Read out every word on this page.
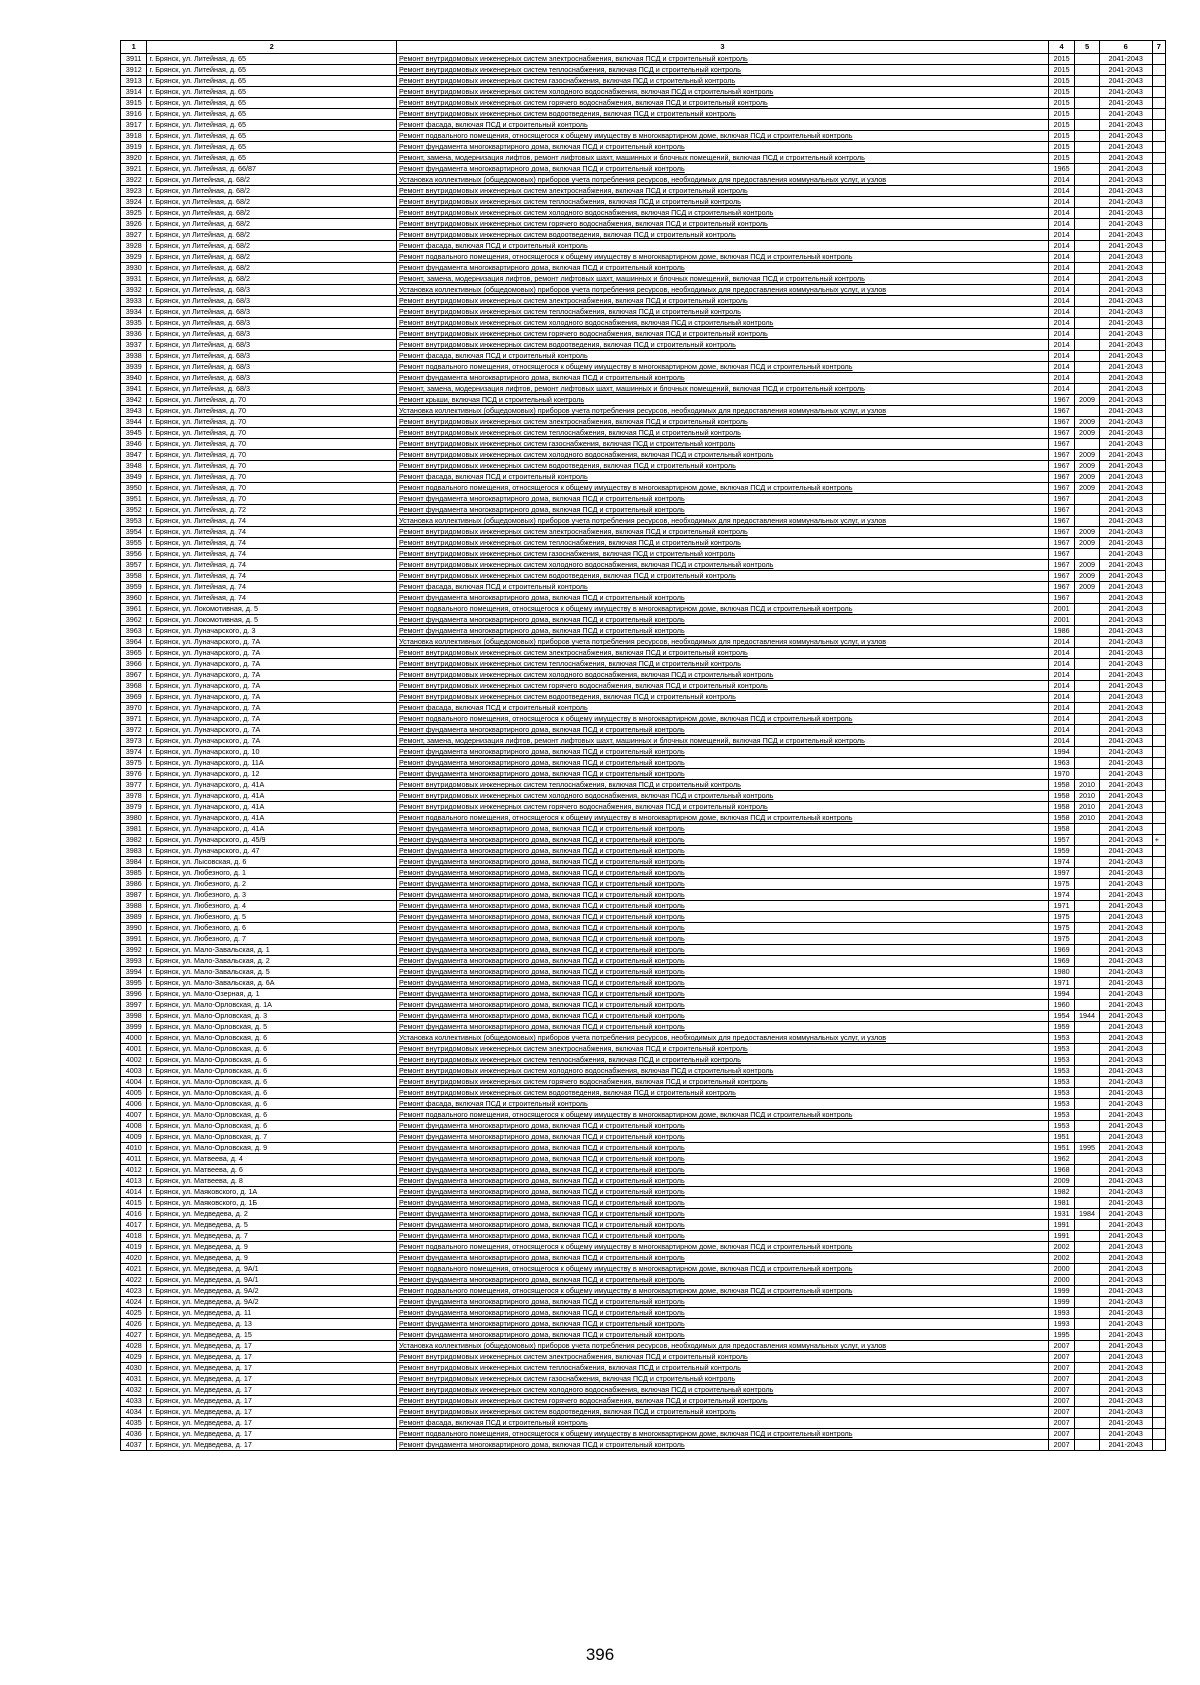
1	2	3	4	5	6	7
3911	г. Брянск, ул. Литейная, д. 65	Ремонт внутридомовых инженерных систем электроснабжения, включая ПСД и строительный контроль	2015		2041-2043	
3912	г. Брянск, ул. Литейная, д. 65	Ремонт внутридомовых инженерных систем теплоснабжения, включая ПСД и строительный контроль	2015		2041-2043	
3913	г. Брянск, ул. Литейная, д. 65	Ремонт внутридомовых инженерных систем газоснабжения, включая ПСД и строительный контроль	2015		2041-2043	
3914	г. Брянск, ул. Литейная, д. 65	Ремонт внутридомовых инженерных систем холодного водоснабжения, включая ПСД и строительный контроль	2015		2041-2043	
3915	г. Брянск, ул. Литейная, д. 65	Ремонт внутридомовых инженерных систем горячего водоснабжения, включая ПСД и строительный контроль	2015		2041-2043	
3916	г. Брянск, ул. Литейная, д. 65	Ремонт внутридомовых инженерных систем водоотведения, включая ПСД и строительный контроль	2015		2041-2043	
3917	г. Брянск, ул. Литейная, д. 65	Ремонт фасада, включая ПСД и строительный контроль	2015		2041-2043	
3918	г. Брянск, ул. Литейная, д. 65	Ремонт подвального помещения, относящегося к общему имуществу в многоквартирном доме, включая ПСД и строительный контроль	2015		2041-2043	
3919	г. Брянск, ул. Литейная, д. 65	Ремонт фундамента многоквартирного дома, включая ПСД и строительный контроль	2015		2041-2043	
3920	г. Брянск, ул. Литейная, д. 65	Ремонт, замена, модернизация лифтов, ремонт лифтовых шахт, машинных и блочных помещений, включая ПСД и строительный контроль	2015		2041-2043	
3921	г. Брянск, ул. Литейная, д. 66/87	Ремонт фундамента многоквартирного дома, включая ПСД и строительный контроль	1965		2041-2043	
3922	г. Брянск, ул Литейная, д. 68/2	Установка коллективных (общедомовых) приборов учета потребления ресурсов, необходимых для предоставления коммунальных услуг, и узлов	2014		2041-2043	
3923	г. Брянск, ул Литейная, д. 68/2	Ремонт внутридомовых инженерных систем электроснабжения, включая ПСД и строительный контроль	2014		2041-2043	
3924	г. Брянск, ул Литейная, д. 68/2	Ремонт внутридомовых инженерных систем теплоснабжения, включая ПСД и строительный контроль	2014		2041-2043	
3925	г. Брянск, ул Литейная, д. 68/2	Ремонт внутридомовых инженерных систем холодного водоснабжения, включая ПСД и строительный контроль	2014		2041-2043	
3926	г. Брянск, ул Литейная, д. 68/2	Ремонт внутридомовых инженерных систем горячего водоснабжения, включая ПСД и строительный контроль	2014		2041-2043	
3927	г. Брянск, ул Литейная, д. 68/2	Ремонт внутридомовых инженерных систем водоотведения, включая ПСД и строительный контроль	2014		2041-2043	
3928	г. Брянск, ул Литейная, д. 68/2	Ремонт фасада, включая ПСД и строительный контроль	2014		2041-2043	
3929	г. Брянск, ул Литейная, д. 68/2	Ремонт подвального помещения, относящегося к общему имуществу в многоквартирном доме, включая ПСД и строительный контроль	2014		2041-2043	
3930	г. Брянск, ул Литейная, д. 68/2	Ремонт фундамента многоквартирного дома, включая ПСД и строительный контроль	2014		2041-2043	
3931	г. Брянск, ул Литейная, д. 68/2	Ремонт, замена, модернизация лифтов, ремонт лифтовых шахт, машинных и блочных помещений, включая ПСД и строительный контроль	2014		2041-2043	
3932	г. Брянск, ул Литейная, д. 68/3	Установка коллективных (общедомовых) приборов учета потребления ресурсов, необходимых для предоставления коммунальных услуг, и узлов	2014		2041-2043	
3933	г. Брянск, ул Литейная, д. 68/3	Ремонт внутридомовых инженерных систем электроснабжения, включая ПСД и строительный контроль	2014		2041-2043	
3934	г. Брянск, ул Литейная, д. 68/3	Ремонт внутридомовых инженерных систем теплоснабжения, включая ПСД и строительный контроль	2014		2041-2043	
3935	г. Брянск, ул Литейная, д. 68/3	Ремонт внутридомовых инженерных систем холодного водоснабжения, включая ПСД и строительный контроль	2014		2041-2043	
3936	г. Брянск, ул Литейная, д. 68/3	Ремонт внутридомовых инженерных систем горячего водоснабжения, включая ПСД и строительный контроль	2014		2041-2043	
3937	г. Брянск, ул Литейная, д. 68/3	Ремонт внутридомовых инженерных систем водоотведения, включая ПСД и строительный контроль	2014		2041-2043	
3938	г. Брянск, ул Литейная, д. 68/3	Ремонт фасада, включая ПСД и строительный контроль	2014		2041-2043	
3939	г. Брянск, ул Литейная, д. 68/3	Ремонт подвального помещения, относящегося к общему имуществу в многоквартирном доме, включая ПСД и строительный контроль	2014		2041-2043	
3940	г. Брянск, ул Литейная, д. 68/3	Ремонт фундамента многоквартирного дома, включая ПСД и строительный контроль	2014		2041-2043	
3941	г. Брянск, ул Литейная, д. 68/3	Ремонт, замена, модернизация лифтов, ремонт лифтовых шахт, машинных и блочных помещений, включая ПСД и строительный контроль	2014		2041-2043	
3942	г. Брянск, ул. Литейная, д. 70	Ремонт крыши, включая ПСД и строительный контроль	1967	2009	2041-2043	
3943	г. Брянск, ул. Литейная, д. 70	Установка коллективных (общедомовых) приборов учета потребления ресурсов, необходимых для предоставления коммунальных услуг, и узлов	1967		2041-2043	
3944	г. Брянск, ул. Литейная, д. 70	Ремонт внутридомовых инженерных систем электроснабжения, включая ПСД и строительный контроль	1967	2009	2041-2043	
3945	г. Брянск, ул. Литейная, д. 70	Ремонт внутридомовых инженерных систем теплоснабжения, включая ПСД и строительный контроль	1967	2009	2041-2043	
3946	г. Брянск, ул. Литейная, д. 70	Ремонт внутридомовых инженерных систем газоснабжения, включая ПСД и строительный контроль	1967		2041-2043	
3947	г. Брянск, ул. Литейная, д. 70	Ремонт внутридомовых инженерных систем холодного водоснабжения, включая ПСД и строительный контроль	1967	2009	2041-2043	
3948	г. Брянск, ул. Литейная, д. 70	Ремонт внутридомовых инженерных систем водоотведения, включая ПСД и строительный контроль	1967	2009	2041-2043	
3949	г. Брянск, ул. Литейная, д. 70	Ремонт фасада, включая ПСД и строительный контроль	1967	2009	2041-2043	
3950	г. Брянск, ул. Литейная, д. 70	Ремонт подвального помещения, относящегося к общему имуществу в многоквартирном доме, включая ПСД и строительный контроль	1967	2009	2041-2043	
3951	г. Брянск, ул. Литейная, д. 70	Ремонт фундамента многоквартирного дома, включая ПСД и строительный контроль	1967		2041-2043	
3952	г. Брянск, ул. Литейная, д. 72	Ремонт фундамента многоквартирного дома, включая ПСД и строительный контроль	1967		2041-2043	
3953	г. Брянск, ул. Литейная, д. 74	Установка коллективных (общедомовых) приборов учета потребления ресурсов, необходимых для предоставления коммунальных услуг, и узлов	1967		2041-2043	
3954	г. Брянск, ул. Литейная, д. 74	Ремонт внутридомовых инженерных систем электроснабжения, включая ПСД и строительный контроль	1967	2009	2041-2043	
3955	г. Брянск, ул. Литейная, д. 74	Ремонт внутридомовых инженерных систем теплоснабжения, включая ПСД и строительный контроль	1967	2009	2041-2043	
3956	г. Брянск, ул. Литейная, д. 74	Ремонт внутридомовых инженерных систем газоснабжения, включая ПСД и строительный контроль	1967		2041-2043	
3957	г. Брянск, ул. Литейная, д. 74	Ремонт внутридомовых инженерных систем холодного водоснабжения, включая ПСД и строительный контроль	1967	2009	2041-2043	
3958	г. Брянск, ул. Литейная, д. 74	Ремонт внутридомовых инженерных систем водоотведения, включая ПСД и строительный контроль	1967	2009	2041-2043	
3959	г. Брянск, ул. Литейная, д. 74	Ремонт фасада, включая ПСД и строительный контроль	1967	2009	2041-2043	
3960	г. Брянск, ул. Литейная, д. 74	Ремонт фундамента многоквартирного дома, включая ПСД и строительный контроль	1967		2041-2043	
3961	г. Брянск, ул. Локомотивная, д. 5	Ремонт подвального помещения, относящегося к общему имуществу в многоквартирном доме, включая ПСД и строительный контроль	2001		2041-2043	
3962	г. Брянск, ул. Локомотивная, д. 5	Ремонт фундамента многоквартирного дома, включая ПСД и строительный контроль	2001		2041-2043	
3963	г. Брянск, ул. Луначарского, д. 3	Ремонт фундамента многоквартирного дома, включая ПСД и строительный контроль	1986		2041-2043	
3964	г. Брянск, ул. Луначарского, д. 7А	Установка коллективных (общедомовых) приборов учета потребления ресурсов, необходимых для предоставления коммунальных услуг, и узлов	2014		2041-2043	
3965	г. Брянск, ул. Луначарского, д. 7А	Ремонт внутридомовых инженерных систем электроснабжения, включая ПСД и строительный контроль	2014		2041-2043	
3966	г. Брянск, ул. Луначарского, д. 7А	Ремонт внутридомовых инженерных систем теплоснабжения, включая ПСД и строительный контроль	2014		2041-2043	
3967	г. Брянск, ул. Луначарского, д. 7А	Ремонт внутридомовых инженерных систем холодного водоснабжения, включая ПСД и строительный контроль	2014		2041-2043	
3968	г. Брянск, ул. Луначарского, д. 7А	Ремонт внутридомовых инженерных систем горячего водоснабжения, включая ПСД и строительный контроль	2014		2041-2043	
3969	г. Брянск, ул. Луначарского, д. 7А	Ремонт внутридомовых инженерных систем водоотведения, включая ПСД и строительный контроль	2014		2041-2043	
3970	г. Брянск, ул. Луначарского, д. 7А	Ремонт фасада, включая ПСД и строительный контроль	2014		2041-2043	
3971	г. Брянск, ул. Луначарского, д. 7А	Ремонт подвального помещения, относящегося к общему имуществу в многоквартирном доме, включая ПСД и строительный контроль	2014		2041-2043	
3972	г. Брянск, ул. Луначарского, д. 7А	Ремонт фундамента многоквартирного дома, включая ПСД и строительный контроль	2014		2041-2043	
3973	г. Брянск, ул. Луначарского, д. 7А	Ремонт, замена, модернизация лифтов, ремонт лифтовых шахт, машинных и блочных помещений, включая ПСД и строительный контроль	2014		2041-2043	
3974	г. Брянск, ул. Луначарского, д. 10	Ремонт фундамента многоквартирного дома, включая ПСД и строительный контроль	1994		2041-2043	
3975	г. Брянск, ул. Луначарского, д. 11А	Ремонт фундамента многоквартирного дома, включая ПСД и строительный контроль	1963		2041-2043	
3976	г. Брянск, ул. Луначарского, д. 12	Ремонт фундамента многоквартирного дома, включая ПСД и строительный контроль	1970		2041-2043	
3977	г. Брянск, ул. Луначарского, д. 41А	Ремонт внутридомовых инженерных систем теплоснабжения, включая ПСД и строительный контроль	1958	2010	2041-2043	
3978	г. Брянск, ул. Луначарского, д. 41А	Ремонт внутридомовых инженерных систем холодного водоснабжения, включая ПСД и строительный контроль	1958	2010	2041-2043	
3979	г. Брянск, ул. Луначарского, д. 41А	Ремонт внутридомовых инженерных систем горячего водоснабжения, включая ПСД и строительный контроль	1958	2010	2041-2043	
3980	г. Брянск, ул. Луначарского, д. 41А	Ремонт подвального помещения, относящегося к общему имуществу в многоквартирном доме, включая ПСД и строительный контроль	1958	2010	2041-2043	
3981	г. Брянск, ул. Луначарского, д. 41А	Ремонт фундамента многоквартирного дома, включая ПСД и строительный контроль	1958		2041-2043	
3982	г. Брянск, ул. Луначарского, д. 45/9	Ремонт фундамента многоквартирного дома, включая ПСД и строительный контроль	1957		2041-2043	+
3983	г. Брянск, ул. Луначарского, д. 47	Ремонт фундамента многоквартирного дома, включая ПСД и строительный контроль	1959		2041-2043	
3984	г. Брянск, ул. Лысовская, д. 6	Ремонт фундамента многоквартирного дома, включая ПСД и строительный контроль	1974		2041-2043	
3985	г. Брянск, ул. Любезного, д. 1	Ремонт фундамента многоквартирного дома, включая ПСД и строительный контроль	1997		2041-2043	
3986	г. Брянск, ул. Любезного, д. 2	Ремонт фундамента многоквартирного дома, включая ПСД и строительный контроль	1975		2041-2043	
3987	г. Брянск, ул. Любезного, д. 3	Ремонт фундамента многоквартирного дома, включая ПСД и строительный контроль	1974		2041-2043	
3988	г. Брянск, ул. Любезного, д. 4	Ремонт фундамента многоквартирного дома, включая ПСД и строительный контроль	1971		2041-2043	
3989	г. Брянск, ул. Любезного, д. 5	Ремонт фундамента многоквартирного дома, включая ПСД и строительный контроль	1975		2041-2043	
3990	г. Брянск, ул. Любезного, д. 6	Ремонт фундамента многоквартирного дома, включая ПСД и строительный контроль	1975		2041-2043	
3991	г. Брянск, ул. Любезного, д. 7	Ремонт фундамента многоквартирного дома, включая ПСД и строительный контроль	1975		2041-2043	
3992	г. Брянск, ул. Мало-Завальская, д. 1	Ремонт фундамента многоквартирного дома, включая ПСД и строительный контроль	1969		2041-2043	
3993	г. Брянск, ул. Мало-Завальская, д. 2	Ремонт фундамента многоквартирного дома, включая ПСД и строительный контроль	1969		2041-2043	
3994	г. Брянск, ул. Мало-Завальская, д. 5	Ремонт фундамента многоквартирного дома, включая ПСД и строительный контроль	1980		2041-2043	
3995	г. Брянск, ул. Мало-Завальская, д. 6А	Ремонт фундамента многоквартирного дома, включая ПСД и строительный контроль	1971		2041-2043	
3996	г. Брянск, ул. Мало-Озерная, д. 1	Ремонт фундамента многоквартирного дома, включая ПСД и строительный контроль	1994		2041-2043	
3997	г. Брянск, ул. Мало-Орловская, д. 1А	Ремонт фундамента многоквартирного дома, включая ПСД и строительный контроль	1960		2041-2043	
3998	г. Брянск, ул. Мало-Орловская, д. 3	Ремонт фундамента многоквартирного дома, включая ПСД и строительный контроль	1954	1944	2041-2043	
3999	г. Брянск, ул. Мало-Орловская, д. 5	Ремонт фундамента многоквартирного дома, включая ПСД и строительный контроль	1959		2041-2043	
4000	г. Брянск, ул. Мало-Орловская, д. 6	Установка коллективных (общедомовых) приборов учета потребления ресурсов, необходимых для предоставления коммунальных услуг, и узлов	1953		2041-2043	
4001	г. Брянск, ул. Мало-Орловская, д. 6	Ремонт внутридомовых инженерных систем электроснабжения, включая ПСД и строительный контроль	1953		2041-2043	
4002	г. Брянск, ул. Мало-Орловская, д. 6	Ремонт внутридомовых инженерных систем теплоснабжения, включая ПСД и строительный контроль	1953		2041-2043	
4003	г. Брянск, ул. Мало-Орловская, д. 6	Ремонт внутридомовых инженерных систем холодного водоснабжения, включая ПСД и строительный контроль	1953		2041-2043	
4004	г. Брянск, ул. Мало-Орловская, д. 6	Ремонт внутридомовых инженерных систем горячего водоснабжения, включая ПСД и строительный контроль	1953		2041-2043	
4005	г. Брянск, ул. Мало-Орловская, д. 6	Ремонт внутридомовых инженерных систем водоотведения, включая ПСД и строительный контроль	1953		2041-2043	
4006	г. Брянск, ул. Мало-Орловская, д. 6	Ремонт фасада, включая ПСД и строительный контроль	1953		2041-2043	
4007	г. Брянск, ул. Мало-Орловская, д. 6	Ремонт подвального помещения, относящегося к общему имуществу в многоквартирном доме, включая ПСД и строительный контроль	1953		2041-2043	
4008	г. Брянск, ул. Мало-Орловская, д. 6	Ремонт фундамента многоквартирного дома, включая ПСД и строительный контроль	1953		2041-2043	
4009	г. Брянск, ул. Мало-Орловская, д. 7	Ремонт фундамента многоквартирного дома, включая ПСД и строительный контроль	1951		2041-2043	
4010	г. Брянск, ул. Мало-Орловская, д. 9	Ремонт фундамента многоквартирного дома, включая ПСД и строительный контроль	1951	1995	2041-2043	
4011	г. Брянск, ул. Матвеева, д. 4	Ремонт фундамента многоквартирного дома, включая ПСД и строительный контроль	1962		2041-2043	
4012	г. Брянск, ул. Матвеева, д. 6	Ремонт фундамента многоквартирного дома, включая ПСД и строительный контроль	1968		2041-2043	
4013	г. Брянск, ул. Матвеева, д. 8	Ремонт фундамента многоквартирного дома, включая ПСД и строительный контроль	2009		2041-2043	
4014	г. Брянск, ул. Маяковского, д. 1А	Ремонт фундамента многоквартирного дома, включая ПСД и строительный контроль	1982		2041-2043	
4015	г. Брянск, ул. Маяковского, д. 1Б	Ремонт фундамента многоквартирного дома, включая ПСД и строительный контроль	1981		2041-2043	
4016	г. Брянск, ул. Медведева, д. 2	Ремонт фундамента многоквартирного дома, включая ПСД и строительный контроль	1931	1984	2041-2043	
4017	г. Брянск, ул. Медведева, д. 5	Ремонт фундамента многоквартирного дома, включая ПСД и строительный контроль	1991		2041-2043	
4018	г. Брянск, ул. Медведева, д. 7	Ремонт фундамента многоквартирного дома, включая ПСД и строительный контроль	1991		2041-2043	
4019	г. Брянск, ул. Медведева, д. 9	Ремонт подвального помещения, относящегося к общему имуществу в многоквартирном доме, включая ПСД и строительный контроль	2002		2041-2043	
4020	г. Брянск, ул. Медведева, д. 9	Ремонт фундамента многоквартирного дома, включая ПСД и строительный контроль	2002		2041-2043	
4021	г. Брянск, ул. Медведева, д. 9А/1	Ремонт подвального помещения, относящегося к общему имуществу в многоквартирном доме, включая ПСД и строительный контроль	2000		2041-2043	
4022	г. Брянск, ул. Медведева, д. 9А/1	Ремонт фундамента многоквартирного дома, включая ПСД и строительный контроль	2000		2041-2043	
4023	г. Брянск, ул. Медведева, д. 9А/2	Ремонт подвального помещения, относящегося к общему имуществу в многоквартирном доме, включая ПСД и строительный контроль	1999		2041-2043	
4024	г. Брянск, ул. Медведева, д. 9А/2	Ремонт фундамента многоквартирного дома, включая ПСД и строительный контроль	1999		2041-2043	
4025	г. Брянск, ул. Медведева, д. 11	Ремонт фундамента многоквартирного дома, включая ПСД и строительный контроль	1993		2041-2043	
4026	г. Брянск, ул. Медведева, д. 13	Ремонт фундамента многоквартирного дома, включая ПСД и строительный контроль	1993		2041-2043	
4027	г. Брянск, ул. Медведева, д. 15	Ремонт фундамента многоквартирного дома, включая ПСД и строительный контроль	1995		2041-2043	
4028	г. Брянск, ул. Медведева, д. 17	Установка коллективных (общедомовых) приборов учета потребления ресурсов, необходимых для предоставления коммунальных услуг, и узлов	2007		2041-2043	
4029	г. Брянск, ул. Медведева, д. 17	Ремонт внутридомовых инженерных систем электроснабжения, включая ПСД и строительный контроль	2007		2041-2043	
4030	г. Брянск, ул. Медведева, д. 17	Ремонт внутридомовых инженерных систем теплоснабжения, включая ПСД и строительный контроль	2007		2041-2043	
4031	г. Брянск, ул. Медведева, д. 17	Ремонт внутридомовых инженерных систем газоснабжения, включая ПСД и строительный контроль	2007		2041-2043	
4032	г. Брянск, ул. Медведева, д. 17	Ремонт внутридомовых инженерных систем холодного водоснабжения, включая ПСД и строительный контроль	2007		2041-2043	
4033	г. Брянск, ул. Медведева, д. 17	Ремонт внутридомовых инженерных систем горячего водоснабжения, включая ПСД и строительный контроль	2007		2041-2043	
4034	г. Брянск, ул. Медведева, д. 17	Ремонт внутридомовых инженерных систем водоотведения, включая ПСД и строительный контроль	2007		2041-2043	
4035	г. Брянск, ул. Медведева, д. 17	Ремонт фасада, включая ПСД и строительный контроль	2007		2041-2043	
4036	г. Брянск, ул. Медведева, д. 17	Ремонт подвального помещения, относящегося к общему имуществу в многоквартирном доме, включая ПСД и строительный контроль	2007		2041-2043	
4037	г. Брянск, ул. Медведева, д. 17	Ремонт фундамента многоквартирного дома, включая ПСД и строительный контроль	2007		2041-2043	
396
